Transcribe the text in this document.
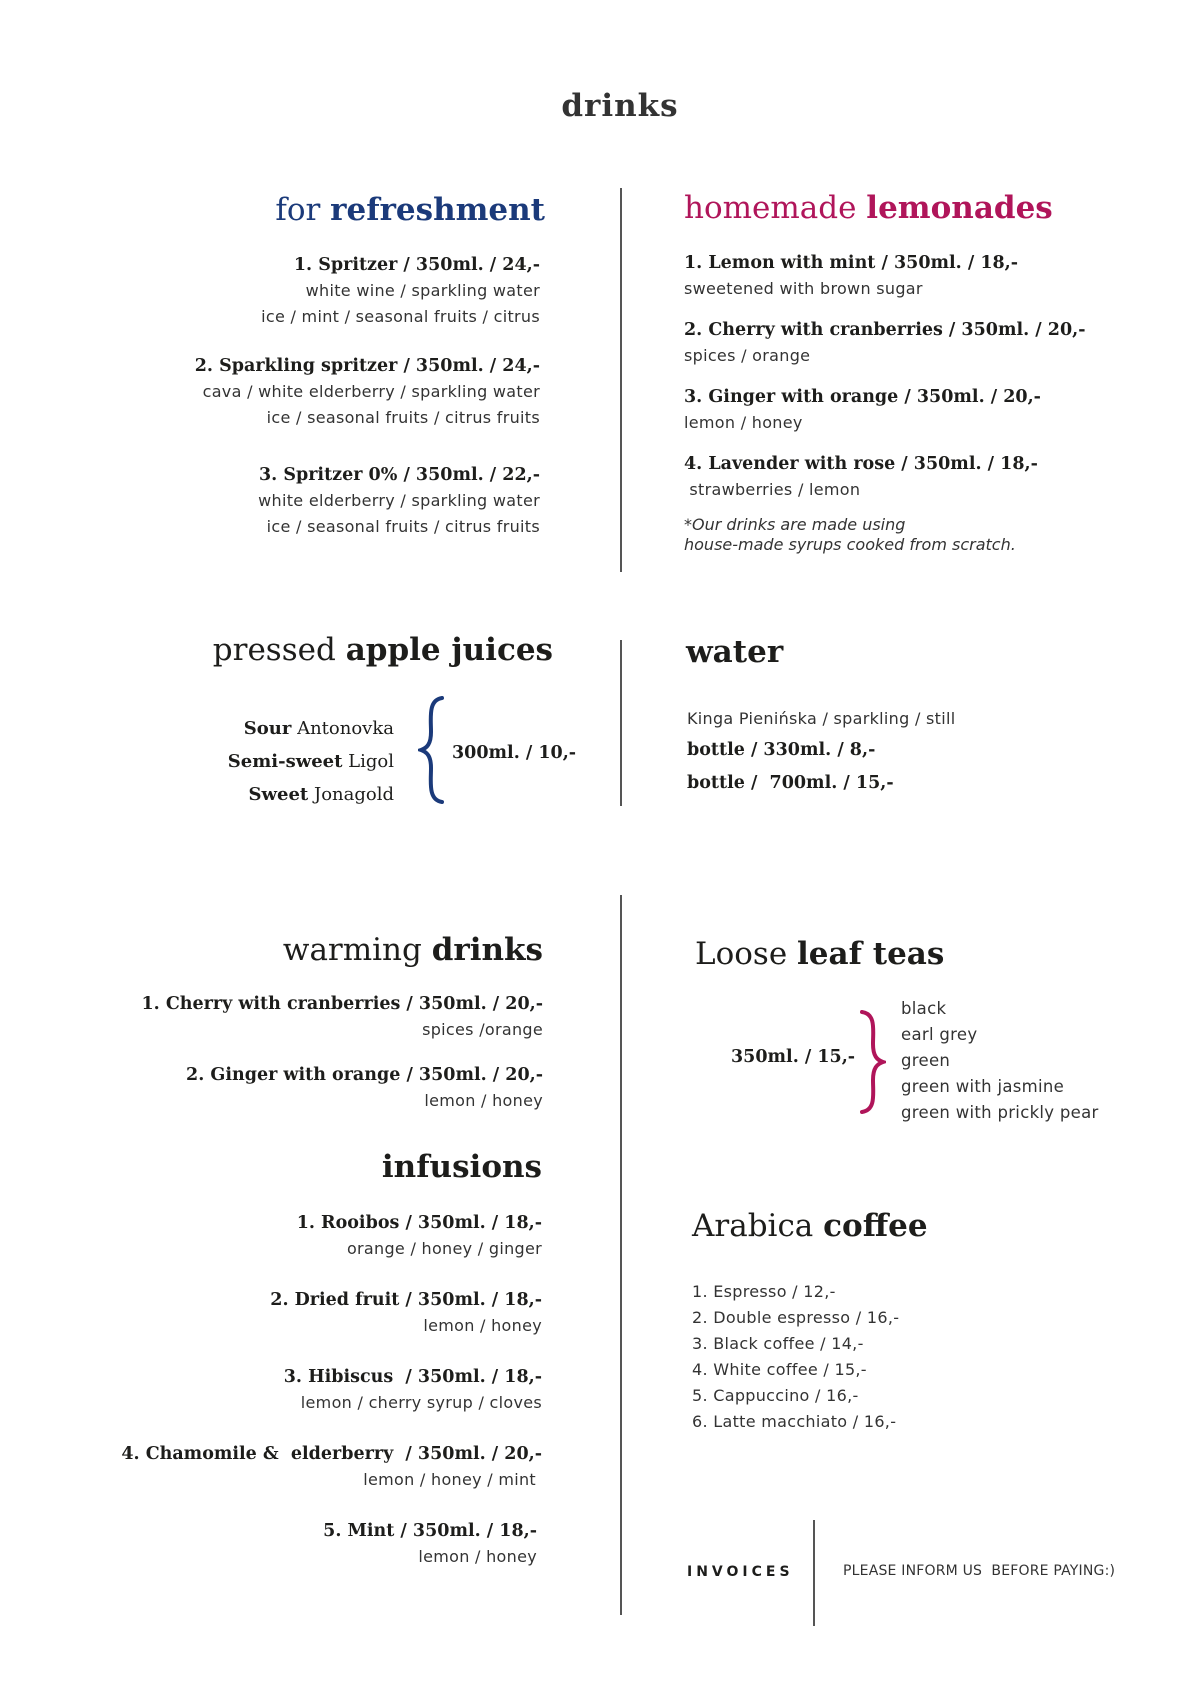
drinks
for refreshment
1. Spritzer / 350ml. / 24,-
white wine / sparkling water
ice / mint / seasonal fruits / citrus
2. Sparkling spritzer / 350ml. / 24,-
cava / white elderberry / sparkling water
ice / seasonal fruits / citrus fruits
3. Spritzer 0% / 350ml. / 22,-
white elderberry / sparkling water
ice / seasonal fruits / citrus fruits
homemade lemonades
1. Lemon with mint / 350ml. / 18,-
sweetened with brown sugar
2. Cherry with cranberries / 350ml. / 20,-
spices / orange
3. Ginger with orange / 350ml. / 20,-
lemon / honey
4. Lavender with rose / 350ml. / 18,-
strawberries / lemon
*Our drinks are made using
house-made syrups cooked from scratch.
pressed apple juices
Sour Antonovka
Semi-sweet Ligol
Sweet Jonagold
300ml. / 10,-
water
Kinga Pienińska / sparkling / still
bottle / 330ml. / 8,-
bottle /  700ml. / 15,-
warming drinks
1. Cherry with cranberries / 350ml. / 20,-
spices /orange
2. Ginger with orange / 350ml. / 20,-
lemon / honey
infusions
1. Rooibos / 350ml. / 18,-
orange / honey / ginger
2. Dried fruit / 350ml. / 18,-
lemon / honey
3. Hibiscus  / 350ml. / 18,-
lemon / cherry syrup / cloves
4. Chamomile &  elderberry  / 350ml. / 20,-
lemon / honey / mint
5. Mint / 350ml. / 18,-
lemon / honey
Loose leaf teas
350ml. / 15,-
black
earl grey
green
green with jasmine
green with prickly pear
Arabica coffee
1. Espresso / 12,-
2. Double espresso / 16,-
3. Black coffee / 14,-
4. White coffee / 15,-
5. Cappuccino / 16,-
6. Latte macchiato / 16,-
INVOICES	PLEASE INFORM US  BEFORE PAYING:)
